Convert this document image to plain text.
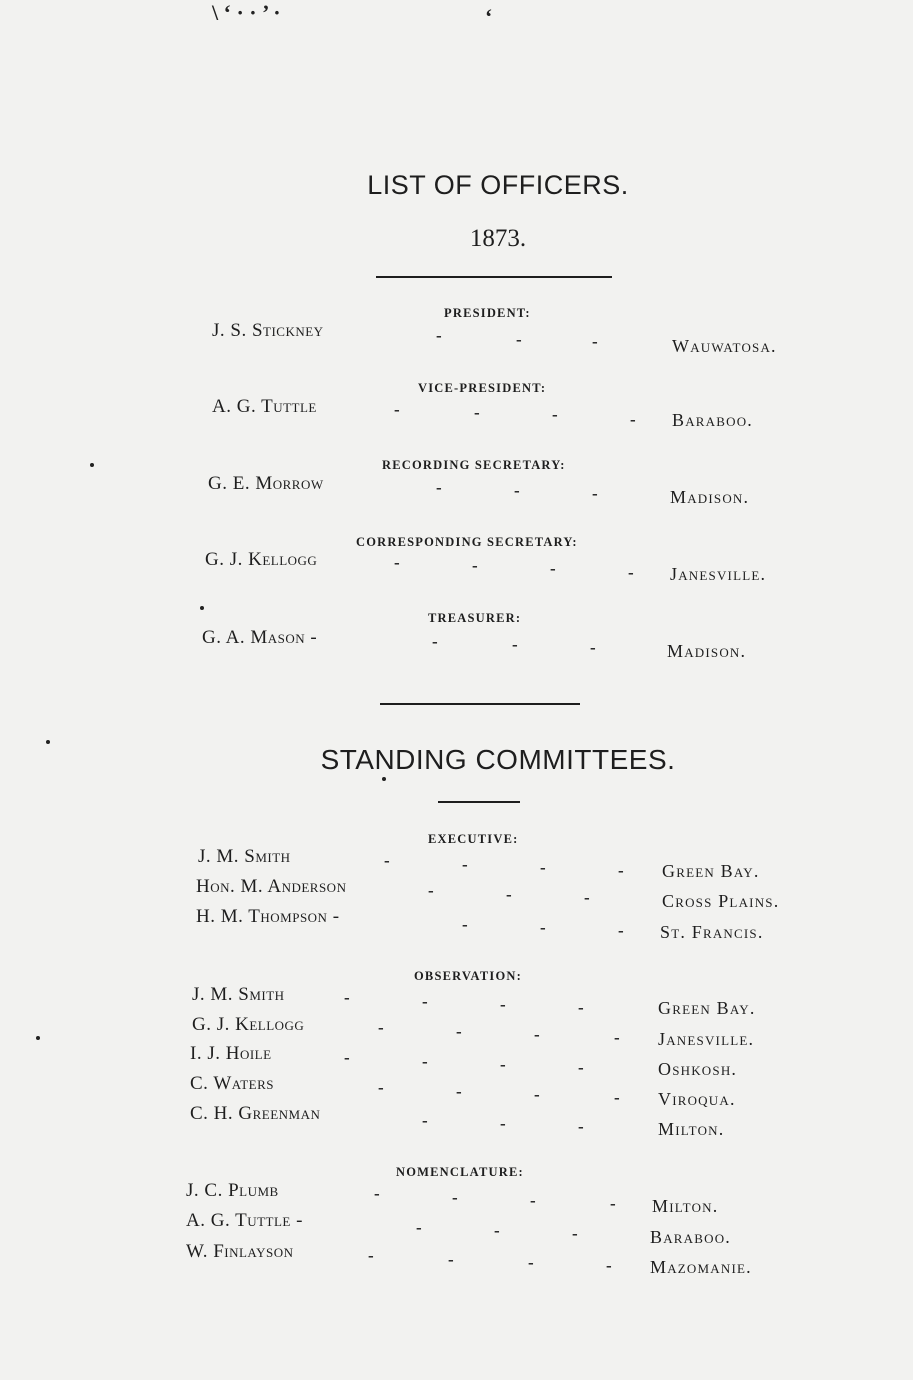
\ ‘ · · ’ ·	‘
LIST OF OFFICERS.
1873.
PRESIDENT:
J. S. Stickney	-	-	-	Wauwatosa.
VICE-PRESIDENT:
A. G. Tuttle	-	-	-	- Baraboo.
RECORDING SECRETARY:
G. E. Morrow	-	-	-	Madison.
CORRESPONDING SECRETARY:
G. J. Kellogg	-	-	-	- Janesville.
TREASURER:
G. A. Mason -	-	-	-	Madison.
STANDING COMMITTEES.
EXECUTIVE:
J. M. Smith	-	-	-	- Green Bay.
Hon. M. Anderson	-	-	-	Cross Plains.
H. M. Thompson -	-	-	- St. Francis.
OBSERVATION:
J. M. Smith	-	-	-	-	Green Bay.
G. J. Kellogg	-	-	-	- Janesville.
I. J. Hoile	-	-	-	-	Oshkosh.
C. Waters	-	-	-	- Viroqua.
C. H. Greenman	-	-	-	Milton.
NOMENCLATURE:
J. C. Plumb	-	-	-	- Milton.
A. G. Tuttle -	-	-	-	Baraboo.
W. Finlayson	-	-	-	- Mazomanie.
